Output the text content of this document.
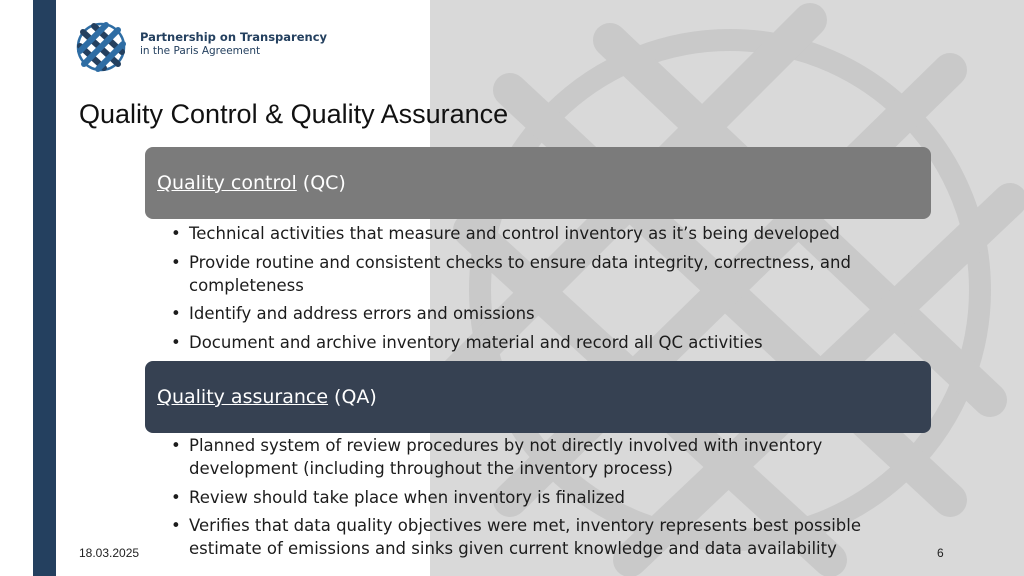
Partnership on Transparency
in the Paris Agreement
Quality Control & Quality Assurance
Quality control (QC)
• Technical activities that measure and control inventory as it’s being developed
• Provide routine and consistent checks to ensure data integrity, correctness, and completeness
• Identify and address errors and omissions
• Document and archive inventory material and record all QC activities
Quality assurance (QA)
• Planned system of review procedures by not directly involved with inventory development (including throughout the inventory process)
• Review should take place when inventory is finalized
• Verifies that data quality objectives were met, inventory represents best possible estimate of emissions and sinks given current knowledge and data availability
18.03.2025	6
